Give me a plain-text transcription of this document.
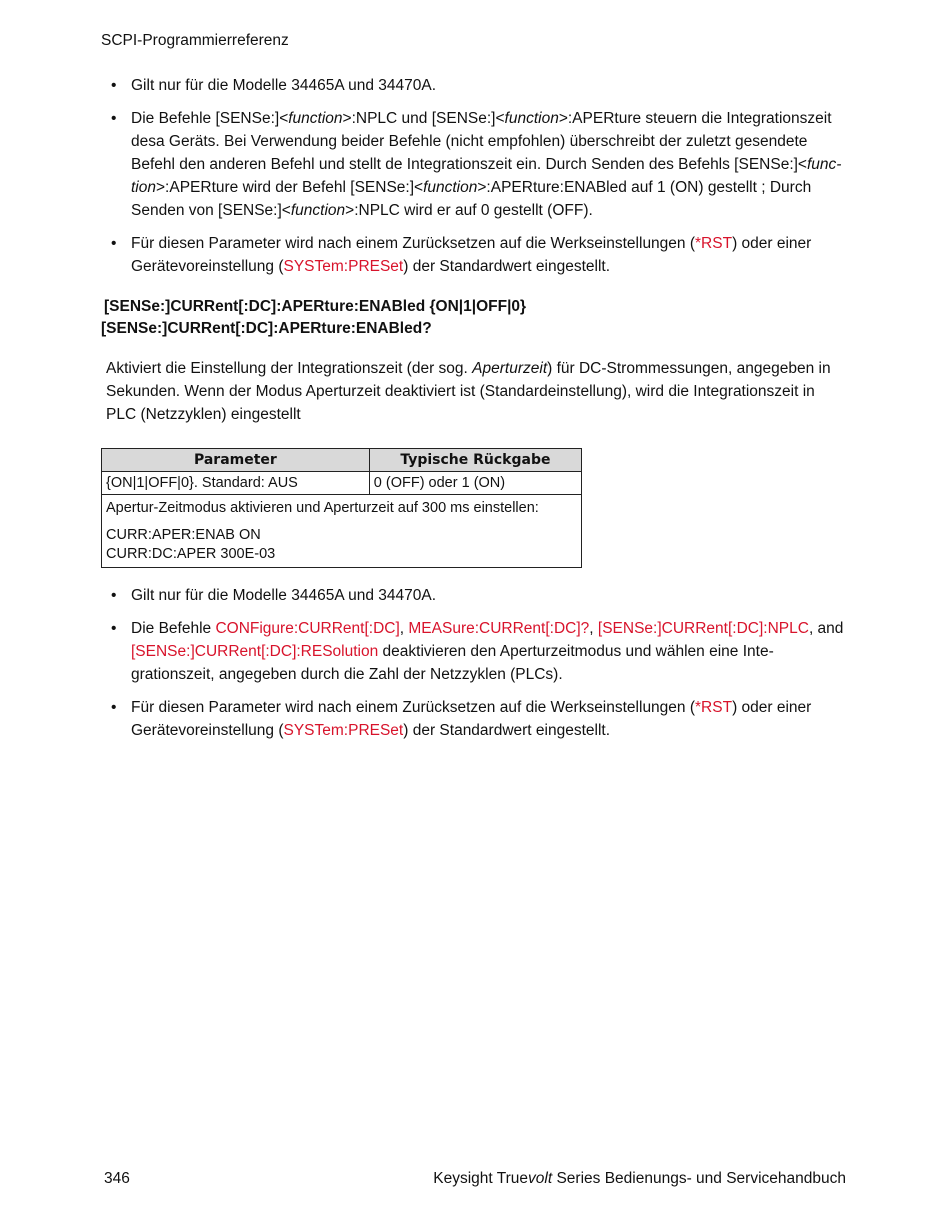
SCPI-Programmierreferenz
• Gilt nur für die Modelle 34465A und 34470A.
• Die Befehle [SENSe:]<function>:NPLC und [SENSe:]<function>:APERture steuern die Integrationszeit desa Geräts. Bei Verwendung beider Befehle (nicht empfohlen) überschreibt der zuletzt gesendete Befehl den anderen Befehl und stellt de Integrationszeit ein. Durch Senden des Befehls [SENSe:]<func-tion>:APERture wird der Befehl [SENSe:]<function>:APERture:ENABled auf 1 (ON) gestellt ; Durch Senden von [SENSe:]<function>:NPLC wird er auf 0 gestellt (OFF).
• Für diesen Parameter wird nach einem Zurücksetzen auf die Werkseinstellungen (*RST) oder einer Gerätevoreinstellung (SYSTem:PRESet) der Standardwert eingestellt.
[SENSe:]CURRent[:DC]:APERture:ENABled {ON|1|OFF|0}
[SENSe:]CURRent[:DC]:APERture:ENABled?
Aktiviert die Einstellung der Integrationszeit (der sog. Aperturzeit) für DC-Strommessungen, angegeben in Sekunden. Wenn der Modus Aperturzeit deaktiviert ist (Standardeinstellung), wird die Integrationszeit in PLC (Netzzyklen) eingestellt
Parameter	Typische Rückgabe
{ON|1|OFF|0}. Standard: AUS	0 (OFF) oder 1 (ON)

Apertur-Zeitmodus aktivieren und Aperturzeit auf 300 ms einstellen:
CURR:APER:ENAB ON
CURR:DC:APER 300E-03	
• Gilt nur für die Modelle 34465A und 34470A.
• Die Befehle CONFigure:CURRent[:DC], MEASure:CURRent[:DC]?, [SENSe:]CURRent[:DC]:NPLC, and [SENSe:]CURRent[:DC]:RESolution deaktivieren den Aperturzeitmodus und wählen eine Inte-grationszeit, angegeben durch die Zahl der Netzzyklen (PLCs).
• Für diesen Parameter wird nach einem Zurücksetzen auf die Werkseinstellungen (*RST) oder einer Gerätevoreinstellung (SYSTem:PRESet) der Standardwert eingestellt.
346	Keysight Truevolt Series Bedienungs- und Servicehandbuch
